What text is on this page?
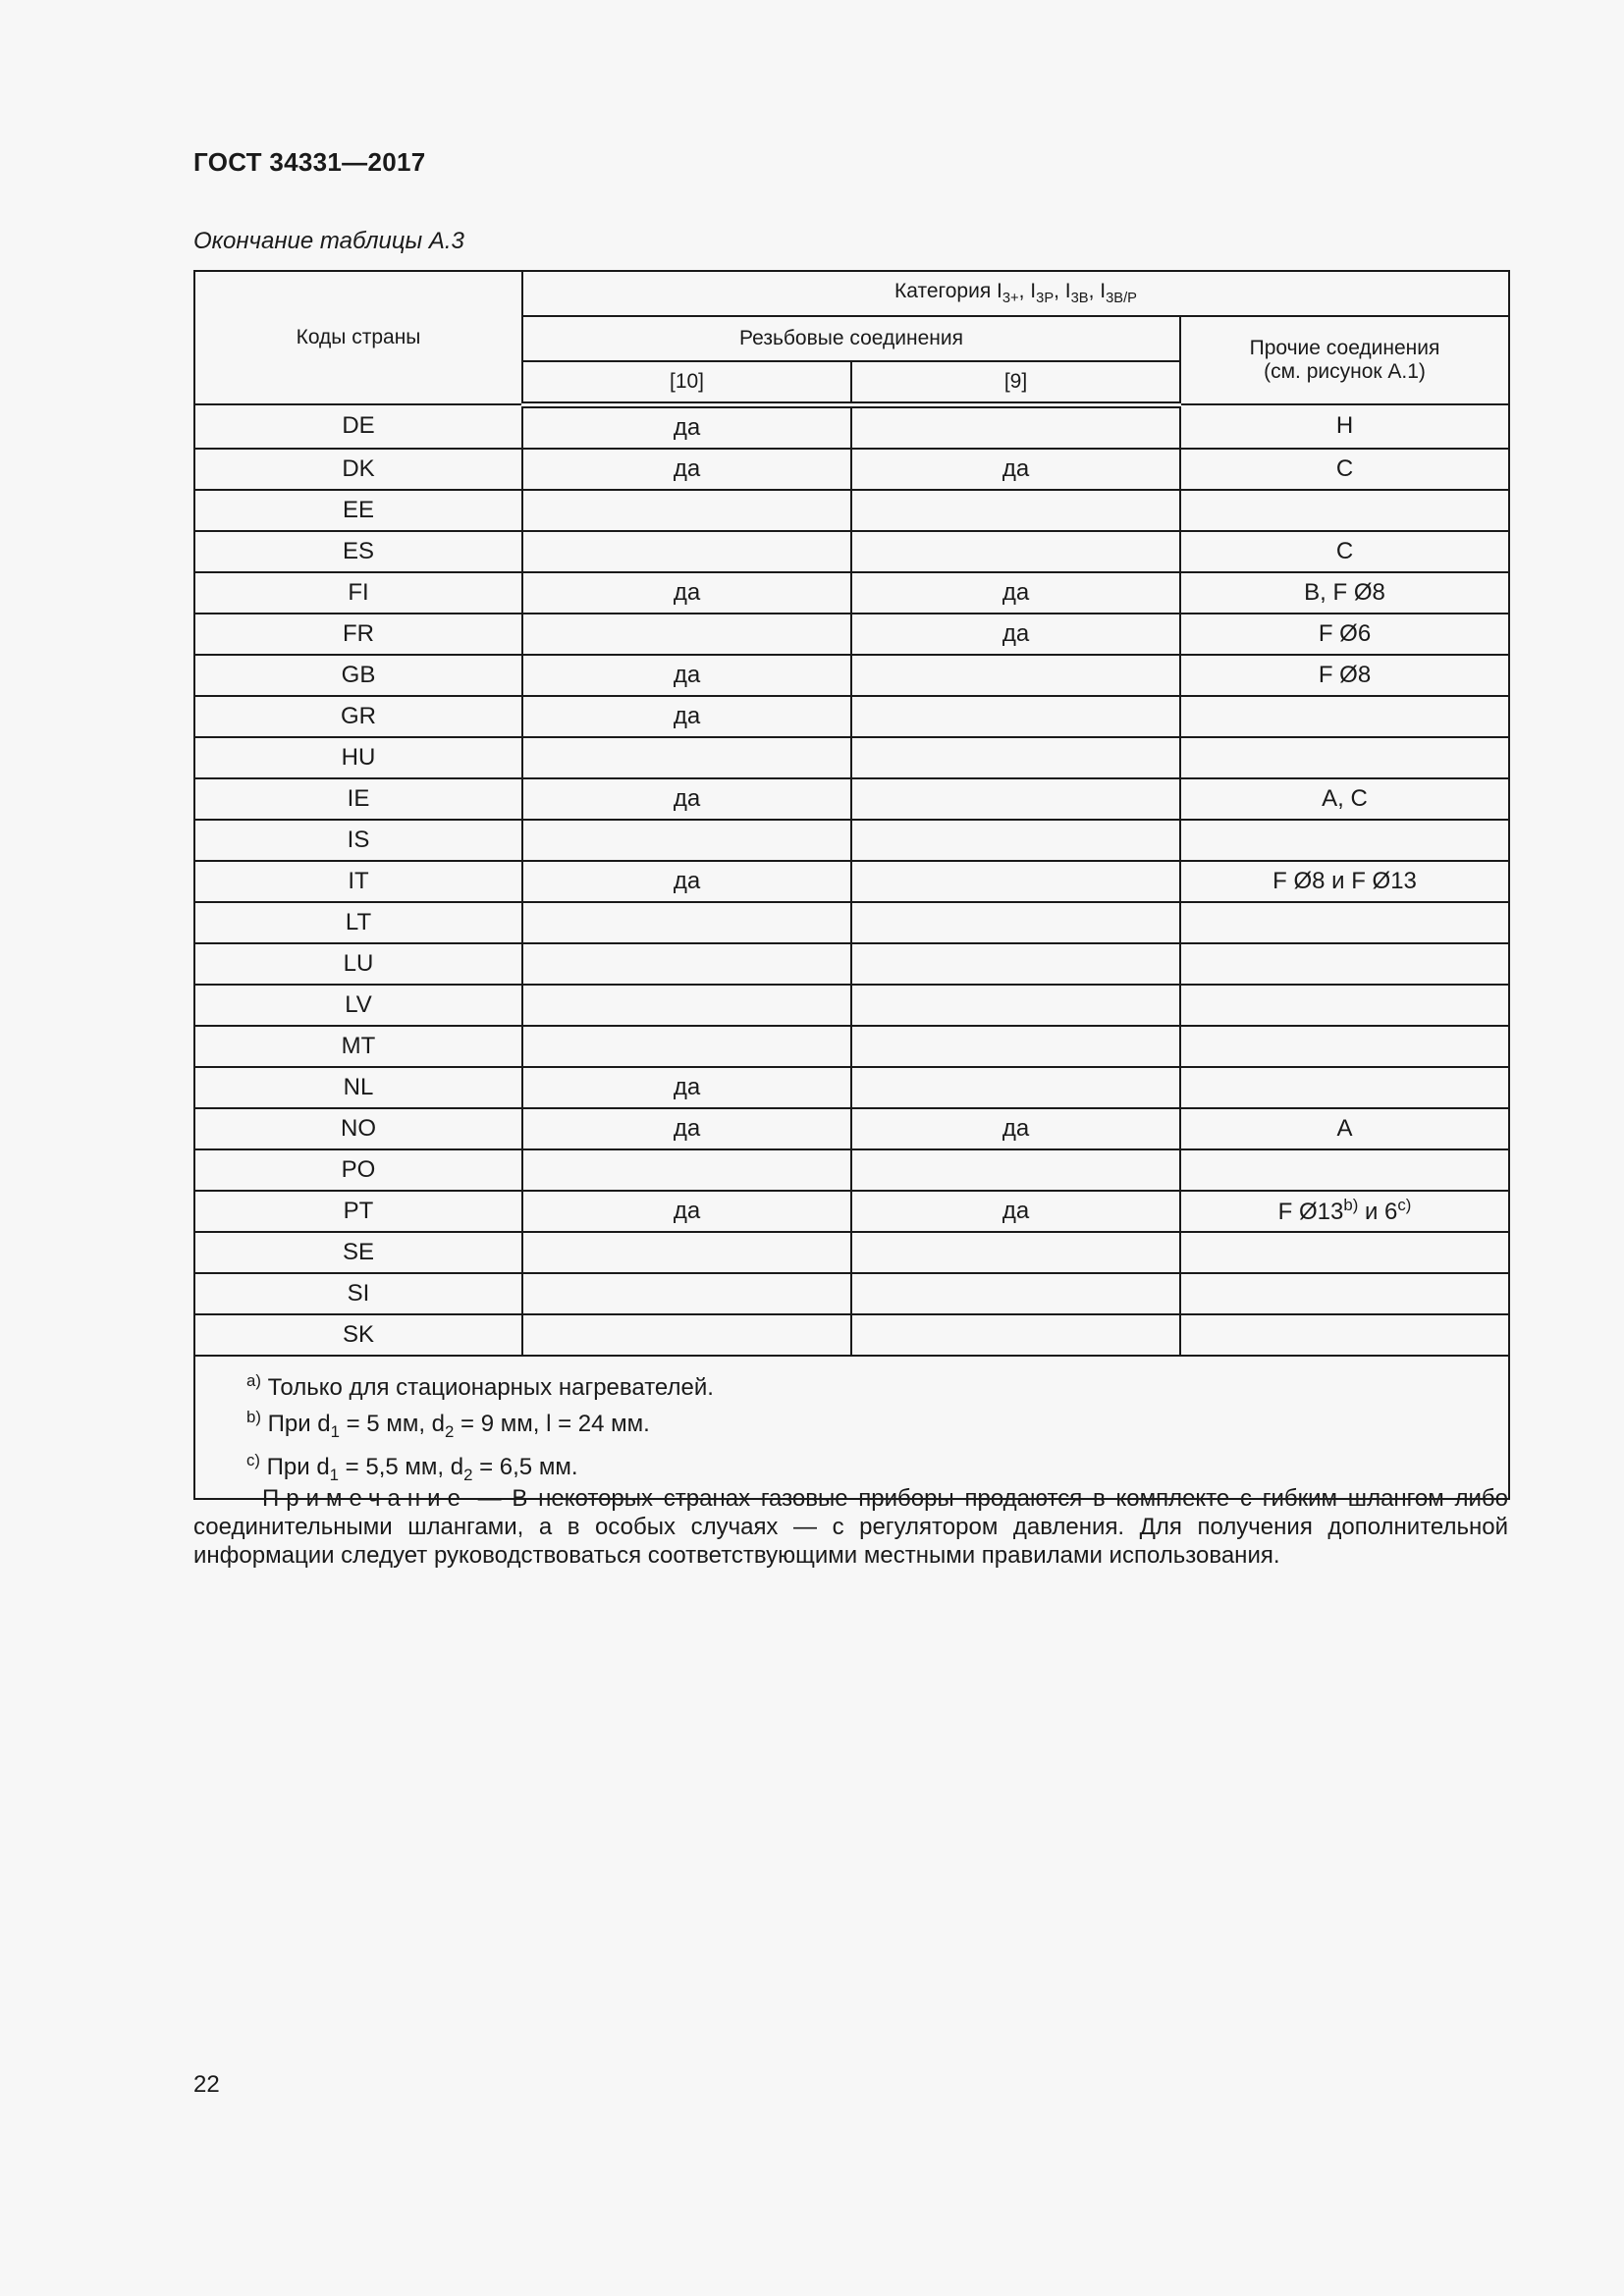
ГОСТ 34331—2017
Окончание таблицы А.3
Коды страны	Категория $I_{3+}$, $I_{3P}$, $I_{3B}$, $I_{3B/P}$
	Резьбовые соединения		Прочие соединения
(см. рисунок А.1)
	[10]	[9]	
DE	да		H
DK	да	да	C
EE			
ES			C
FI	да	да	B, F Ø8
FR		да	F Ø6
GB	да		F Ø8
GR	да		
HU			
IE	да		A, C
IS			
IT	да		F Ø8 и F Ø13
LT			
LU			
LV			
MT			
NL	да		
NO	да	да	A
PO			
PT	да	да	F Ø13$^{b)}$ и 6$^{c)}$
SE			
SI			
SK			

$^{a)}$ Только для стационарных нагревателей.
$^{b)}$ При $d_1 = 5$ мм, $d_2 = 9$ мм, l = 24 мм.
$^{c)}$ При $d_1 = 5,5$ мм, $d_2 = 6,5$ мм.			
Примечание — В некоторых странах газовые приборы продаются в комплекте с гибким шлангом либо соединительными шлангами, а в особых случаях — с регулятором давления. Для получения дополнительной информации следует руководствоваться соответствующими местными правилами использования.
22
